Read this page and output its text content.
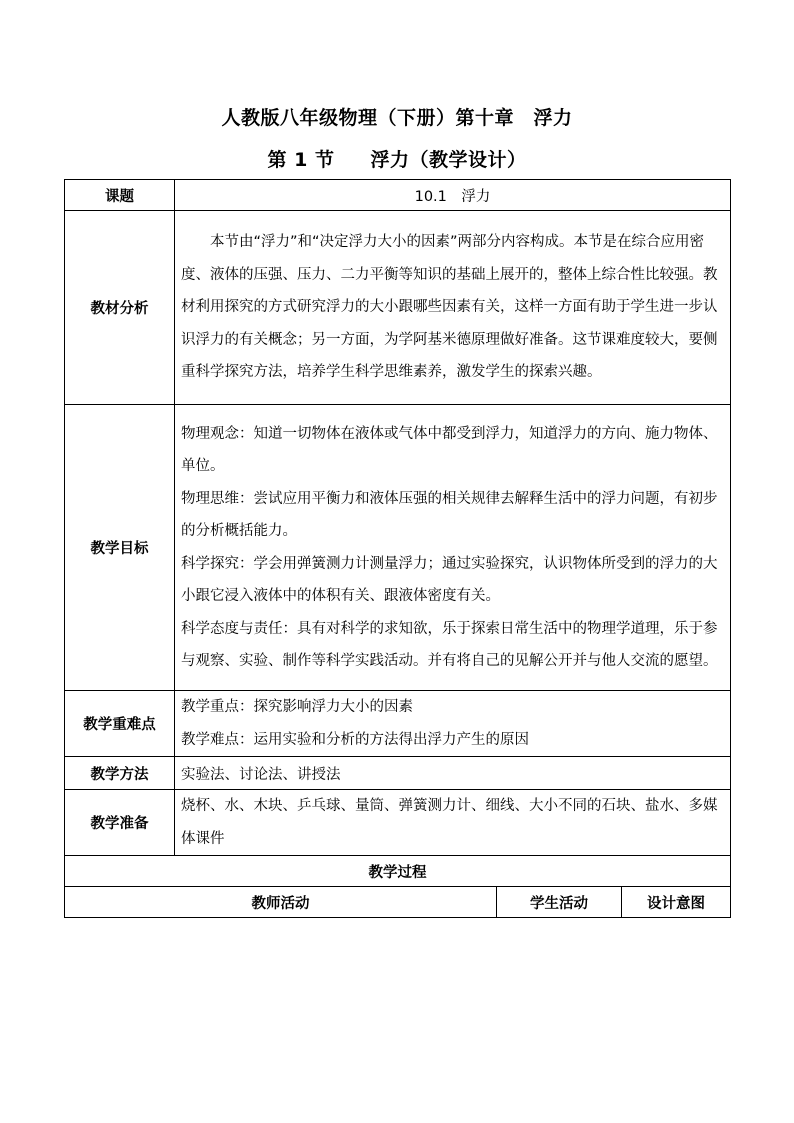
人教版八年级物理（下册）第十章　浮力
第 1 节 浮力（教学设计）
课题	10.1　浮力		
教材分析	本节由“浮力”和“决定浮力大小的因素”两部分内容构成。本节是在综合应用密度、液体的压强、压力、二力平衡等知识的基础上展开的，整体上综合性比较强。教材利用探究的方式研究浮力的大小跟哪些因素有关，这样一方面有助于学生进一步认识浮力的有关概念；另一方面，为学阿基米德原理做好准备。这节课难度较大，要侧重科学探究方法，培养学生科学思维素养，激发学生的探索兴趣。		

教学目标	物理观念：知道一切物体在液体或气体中都受到浮力，知道浮力的方向、施力物体、单位。

物理思维：尝试应用平衡力和液体压强的相关规律去解释生活中的浮力问题，有初步的分析概括能力。

科学探究：学会用弹簧测力计测量浮力；通过实验探究，认识物体所受到的浮力的大小跟它浸入液体中的体积有关、跟液体密度有关。

科学态度与责任：具有对科学的求知欲，乐于探索日常生活中的物理学道理，乐于参与观察、实验、制作等科学实践活动。并有将自己的见解公开并与他人交流的愿望。		

教学重难点	教学重点：探究影响浮力大小的因素

教学难点：运用实验和分析的方法得出浮力产生的原因		

教学方法	实验法、讨论法、讲授法		
教学准备	烧杯、水、木块、乒乓球、量筒、弹簧测力计、细线、大小不同的石块、盐水、多媒体课件		
教学过程			
教师活动		学生活动	设计意图
